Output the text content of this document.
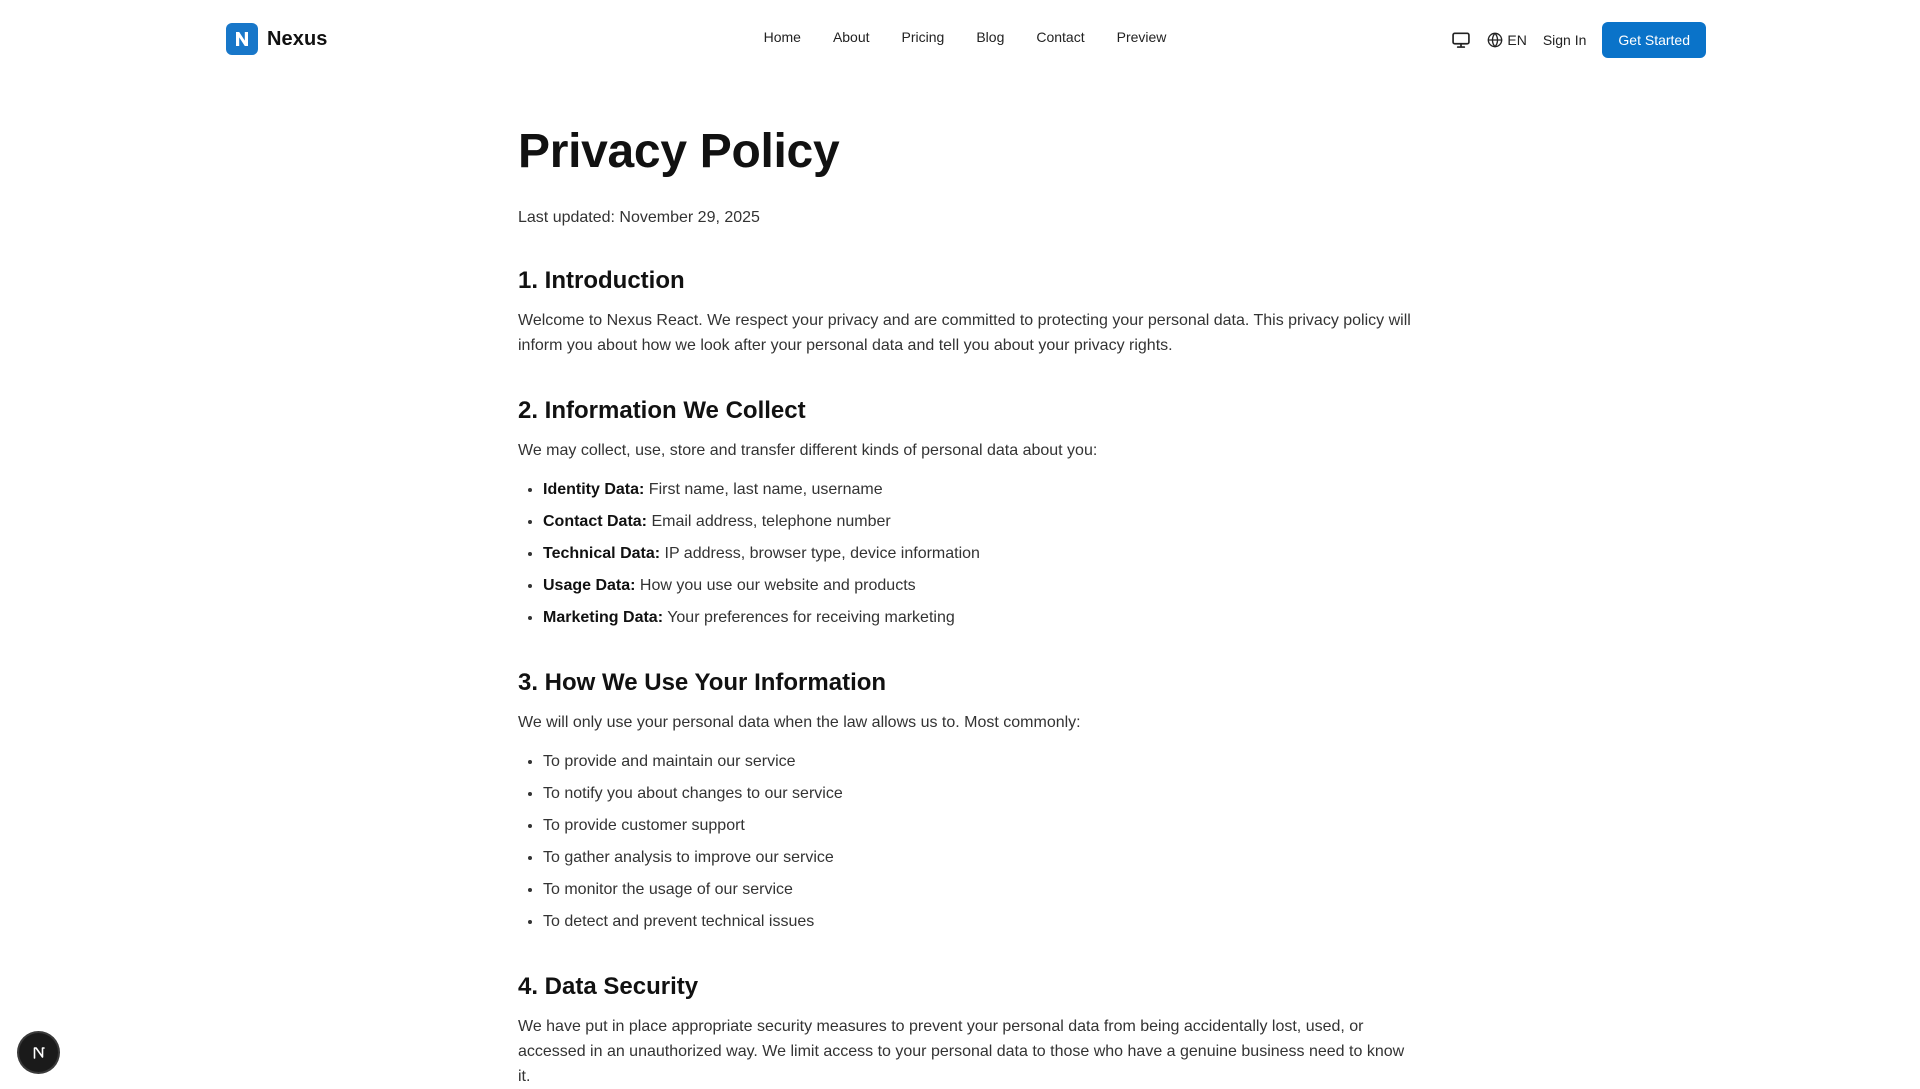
Nexus	Home	About	Pricing	Blog	Contact	Preview	EN Sign In	Get Started
Privacy Policy
Last updated: November 29, 2025
1. Introduction

Welcome to Nexus React. We respect your privacy and are committed to protecting your personal data. This privacy policy will inform you about how we look after your personal data and tell you about your privacy rights.

2. Information We Collect

We may collect, use, store and transfer different kinds of personal data about you:

• Identity Data: First name, last name, username
• Contact Data: Email address, telephone number
• Technical Data: IP address, browser type, device information
• Usage Data: How you use our website and products
• Marketing Data: Your preferences for receiving marketing
3. How We Use Your Information

We will only use your personal data when the law allows us to. Most commonly:

• To provide and maintain our service
• To notify you about changes to our service
• To provide customer support
• To gather analysis to improve our service
• To monitor the usage of our service
• To detect and prevent technical issues
4. Data Security

We have put in place appropriate security measures to prevent your personal data from being accidentally lost, used, or accessed in an unauthorized way. We limit access to your personal data to those who have a genuine business need to know it.
